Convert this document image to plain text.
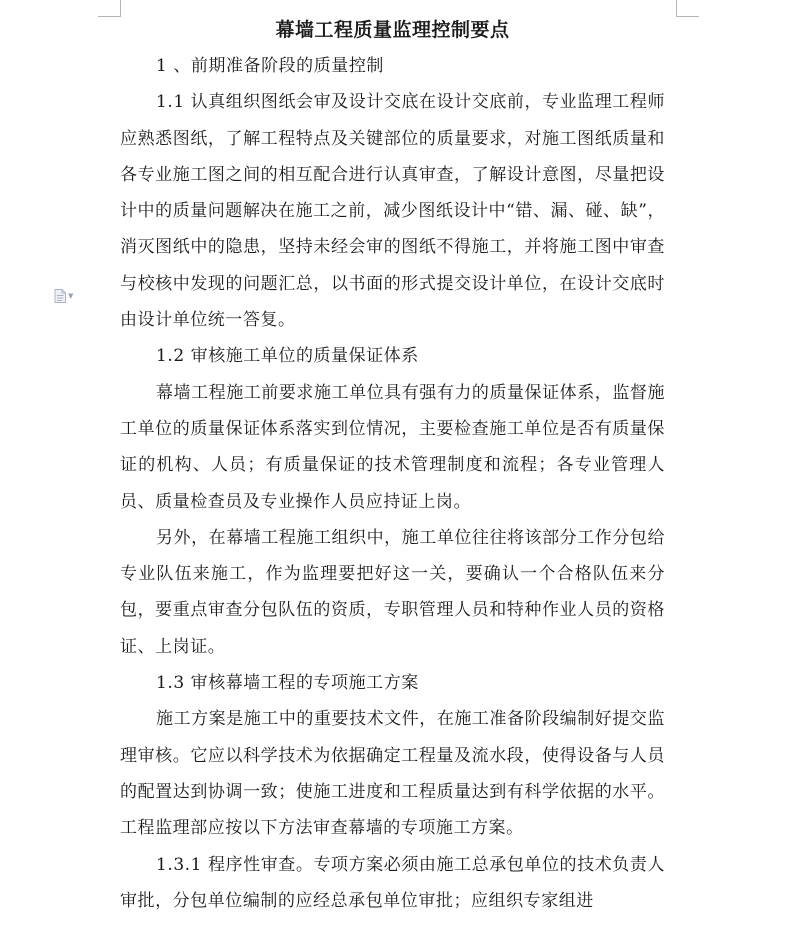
▼
幕墙工程质量监理控制要点

1 、前期准备阶段的质量控制

1.1 认真组织图纸会审及设计交底在设计交底前，专业监理工程师应熟悉图纸，了解工程特点及关键部位的质量要求，对施工图纸质量和各专业施工图之间的相互配合进行认真审查，了解设计意图，尽量把设计中的质量问题解决在施工之前，减少图纸设计中“错、漏、碰、缺”，消灭图纸中的隐患，坚持未经会审的图纸不得施工，并将施工图中审查与校核中发现的问题汇总，以书面的形式提交设计单位，在设计交底时由设计单位统一答复。

1.2 审核施工单位的质量保证体系

幕墙工程施工前要求施工单位具有强有力的质量保证体系，监督施工单位的质量保证体系落实到位情况，主要检查施工单位是否有质量保证的机构、人员；有质量保证的技术管理制度和流程；各专业管理人员、质量检查员及专业操作人员应持证上岗。

另外，在幕墙工程施工组织中，施工单位往往将该部分工作分包给专业队伍来施工，作为监理要把好这一关，要确认一个合格队伍来分包，要重点审查分包队伍的资质，专职管理人员和特种作业人员的资格证、上岗证。

1.3 审核幕墙工程的专项施工方案

施工方案是施工中的重要技术文件，在施工准备阶段编制好提交监理审核。它应以科学技术为依据确定工程量及流水段，使得设备与人员的配置达到协调一致；使施工进度和工程质量达到有科学依据的水平。工程监理部应按以下方法审查幕墙的专项施工方案。

1.3.1 程序性审查。专项方案必须由施工总承包单位的技术负责人审批，分包单位编制的应经总承包单位审批；应组织专家组进
